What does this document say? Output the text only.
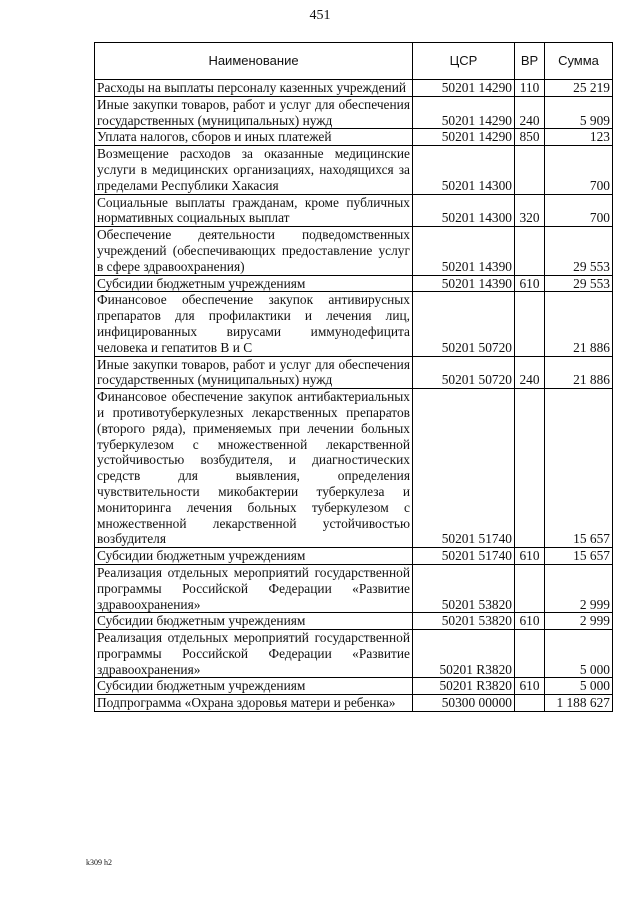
451
Наименование	ЦСР	ВР	Сумма
Расходы на выплаты персоналу казенных учреждений	50201 14290	110	25 219
Иные закупки товаров, работ и услуг для обеспечения государственных (муниципальных) нужд	50201 14290	240	5 909
Уплата налогов, сборов и иных платежей	50201 14290	850	123
Возмещение расходов за оказанные медицинские услуги в медицинских организациях, находящихся за пределами Республики Хакасия	50201 14300		700
Социальные выплаты гражданам, кроме публичных нормативных социальных выплат	50201 14300	320	700
Обеспечение деятельности подведомственных учреждений (обеспечивающих предоставление услуг в сфере здравоохранения)	50201 14390		29 553
Субсидии бюджетным учреждениям	50201 14390	610	29 553
Финансовое обеспечение закупок антивирусных препаратов для профилактики и лечения лиц, инфицированных вирусами иммунодефицита человека и гепатитов В и С	50201 50720		21 886
Иные закупки товаров, работ и услуг для обеспечения государственных (муниципальных) нужд	50201 50720	240	21 886
Финансовое обеспечение закупок антибактериальных и противотуберкулезных лекарственных препаратов (второго ряда), применяемых при лечении больных туберкулезом с множественной лекарственной устойчивостью возбудителя, и диагностических средств для выявления, определения чувствительности микобактерии туберкулеза и мониторинга лечения больных туберкулезом с множественной лекарственной устойчивостью возбудителя	50201 51740		15 657
Субсидии бюджетным учреждениям	50201 51740	610	15 657
Реализация отдельных мероприятий государственной программы Российской Федерации «Развитие здравоохранения»	50201 53820		2 999
Субсидии бюджетным учреждениям	50201 53820	610	2 999
Реализация отдельных мероприятий государственной программы Российской Федерации «Развитие здравоохранения»	50201 R3820		5 000
Субсидии бюджетным учреждениям	50201 R3820	610	5 000
Подпрограмма «Охрана здоровья матери и ребенка»	50300 00000		1 188 627
k309 h2
